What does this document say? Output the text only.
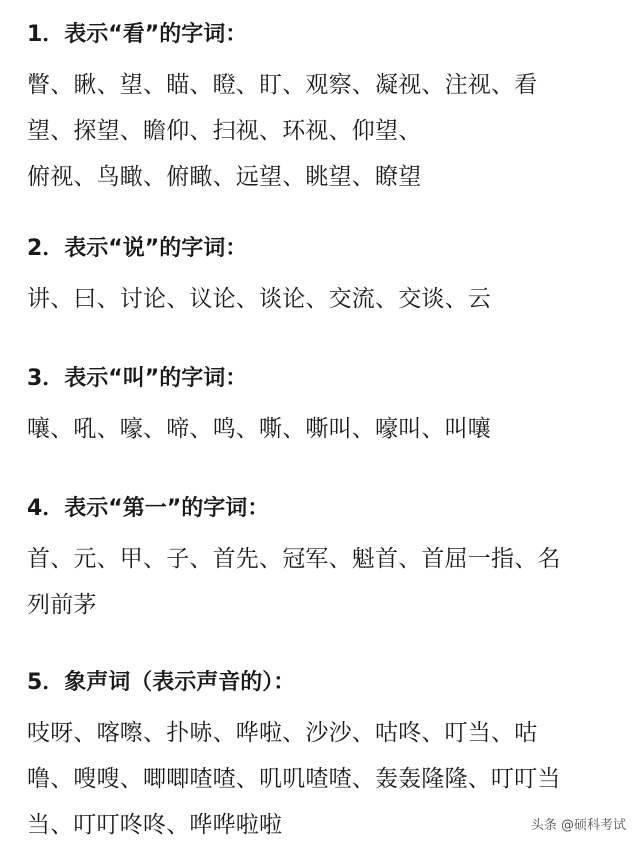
1．表示“看”的字词：
瞥、瞅、望、瞄、瞪、盯、观察、凝视、注视、看
望、探望、瞻仰、扫视、环视、仰望、
俯视、鸟瞰、俯瞰、远望、眺望、瞭望
2．表示“说”的字词：
讲、曰、讨论、议论、谈论、交流、交谈、云
3．表示“叫”的字词：
嚷、吼、嚎、啼、鸣、嘶、嘶叫、嚎叫、叫嚷
4．表示“第一”的字词：
首、元、甲、子、首先、冠军、魁首、首屈一指、名
列前茅
5．象声词（表示声音的）：
吱呀、喀嚓、扑哧、哗啦、沙沙、咕咚、叮当、咕
噜、嗖嗖、唧唧喳喳、叽叽喳喳、轰轰隆隆、叮叮当
当、叮叮咚咚、哗哗啦啦	头条 @硕科考试
